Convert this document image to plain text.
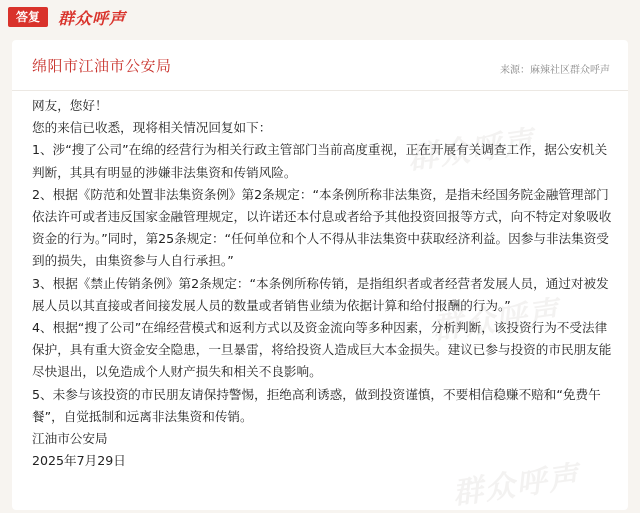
答复	群众呼声
绵阳市江油市公安局	来源：麻辣社区群众呼声
群众呼声
群众呼声
群众呼声

网友，您好！

您的来信已收悉，现将相关情况回复如下：

1、涉“搜了公司”在绵的经营行为相关行政主管部门当前高度重视，正在开展有关调查工作，据公安机关判断，其具有明显的涉嫌非法集资和传销风险。

2、根据《防范和处置非法集资条例》第2条规定：“本条例所称非法集资，是指未经国务院金融管理部门依法许可或者违反国家金融管理规定，以许诺还本付息或者给予其他投资回报等方式，向不特定对象吸收资金的行为。”同时，第25条规定：“任何单位和个人不得从非法集资中获取经济利益。因参与非法集资受到的损失，由集资参与人自行承担。”

3、根据《禁止传销条例》第2条规定：“本条例所称传销，是指组织者或者经营者发展人员，通过对被发展人员以其直接或者间接发展人员的数量或者销售业绩为依据计算和给付报酬的行为。”

4、根据“搜了公司”在绵经营模式和返利方式以及资金流向等多种因素，分析判断，该投资行为不受法律保护，具有重大资金安全隐患，一旦暴雷，将给投资人造成巨大本金损失。建议已参与投资的市民朋友能尽快退出，以免造成个人财产损失和相关不良影响。

5、未参与该投资的市民朋友请保持警惕，拒绝高利诱惑，做到投资谨慎，不要相信稳赚不赔和“免费午餐”，自觉抵制和远离非法集资和传销。

江油市公安局

2025年7月29日
